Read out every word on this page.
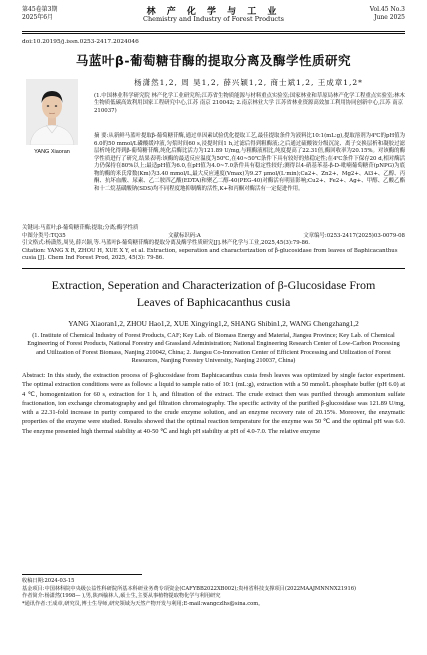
第45卷第3期
2025年6月
林 产 化 学 与 工 业
Chemistry and Industry of Forest Products
Vol.45 No.3
June 2025
doi:10.20195/j.issn.0253-2417.2024046
马蓝叶β-葡萄糖苷酶的提取分离及酶学性质研究
YANG Xiaoran
杨潇然1,2, 周 昊1,2, 薛兴颖1,2, 商士斌1,2, 王成章1,2*
(1.中国林业科学研究院 林产化学工业研究所;江苏省生物质能源与材料重点实验室;国家林业和草原局林产化学工程重点实验室;林木生物质低碳高效利用国家工程研究中心,江苏 南京 210042; 2.南京林业大学 江苏省林业资源高效加工利用协同创新中心,江苏 南京 210037)
摘 要:从新鲜马蓝叶提取β-葡萄糖苷酶,通过单因素试验优化提取工艺,最佳提取条件为液料比10:1(mL:g),提取溶剂为4℃的pH值为6.0的50 mmol/L磷酸缓冲液,匀浆时间60 s,浸提时间1 h,过滤后得到粗酶液;之后通过硫酸铵分级沉淀、离子交换层析和凝胶过滤层析纯化得到β-葡萄糖苷酶,纯化后酶比活力为121.89 U/mg,与粗酶液相比,纯度提高了22.31倍,酶回收率为20.15%。对该酶的酶学性质进行了研究,结果表明:该酶的最适反应温度为50℃,在40~50℃条件下具有较好的热稳定性;在4℃条件下保存20 d,相对酶活力仍保持在80%以上;最适pH值为6.0,在pH值为4.0~7.0条件具有稳定性较好;测得以4-硝基苯基-β-D-吡喃葡萄糖苷(pNPG)为底物的酶的米氏常数(Km)为3.40 mmol/L,最大反应速度(Vmax)为9.27 μmol/(L·min);Ca2+、Zn2+、Mg2+、Al3+、乙醇、丙酮、抗坏血酸、尿素、乙二胺四乙酸(EDTA)和聚乙二醇-40(PEG-40)对酶活有明显影响;Cu2+、Fe2+、Ag+、甲醇、乙酸乙酯和十二烷基磺酸钠(SDS)均不同程度地抑制酶的活性,K+和丙酮对酶活有一定促进作用。
关键词:马蓝叶;β-葡萄糖苷酶;提取;分离;酶学性质
中图分类号:TQ35	文献标识码:A	文章编号:0253-2417(2025)03-0079-08
引文格式:杨潇然,周昊,薛兴颖,等.马蓝叶β-葡萄糖苷酶的提取分离及酶学性质研究[J].林产化学与工业,2025,45(3):79-86.
Citation: YANG X R, ZHOU H, XUE X Y, et al. Extraction, seperation and characterization of β-glucosidase from leaves of Baphicacanthus cusia [J]. Chem Ind Forest Prod, 2025, 45(3): 79-86.
Extraction, Seperation and Characterization of β-Glucosidase From
Leaves of Baphicacanthus cusia
YANG Xiaoran1,2, ZHOU Hao1,2, XUE Xingying1,2, SHANG Shibin1,2, WANG Chengzhang1,2
(1. Institute of Chemical Industry of Forest Products, CAF; Key Lab. of Biomass Energy and Material, Jiangsu Province; Key Lab. of Chemical Engineering of Forest Products, National Forestry and Grassland Administration; National Engineering Research Center of Low-Carbon Processing and Utilization of Forest Biomass, Nanjing 210042, China; 2. Jiangsu Co-Innovation Center of Efficient Processing and Utilization of Forest Resources, Nanjing Forestry University, Nanjing 210037, China)
Abstract: In this study, the extraction process of β-glucosidase from Baphicacanthus cusia fresh leaves was optimized by single factor experiment. The optimal extraction conditions were as follows: a liquid to sample ratio of 10:1 (mL:g), extraction with a 50 mmol/L phosphate buffer (pH 6.0) at 4 ℃, homogenization for 60 s, extraction for 1 h, and filtration of the extract. The crude extract then was purified through ammonium sulfate fractionation, ion exchange chromatography and gel filtration chromatography. The specific activity of the purified β-glucosidase was 121.89 U/mg, with a 22.31-fold increase in purity compared to the crude enzyme solution, and an enzyme recovery rate of 20.15%. Moreover, the enzymatic properties of the enzyme were studied. Results showed that the optimal reaction temperature for the enzyme was 50 ℃ and the optimal pH was 6.0. The enzyme presented high thermal stability at 40-50 ℃ and high pH stability at pH of 4.0-7.0. The relative enzyme
收稿日期:2024-03-15
基金项目:中国林科院中央级公益性科研院所基本科研业务费专项资金(CAFYBB2022XB002);贵州省科技支撑项目(2022MAAJMNNNX21916)
作者简介:杨潇然(1998— ),男,陕西榆林人,硕士生,主要从事植物提取物化学与利用研究
*通讯作者:王成章,研究员,博士生导师,研究领域为天然产物开发与利用;E-mail:wangczlhs@sina.com。
